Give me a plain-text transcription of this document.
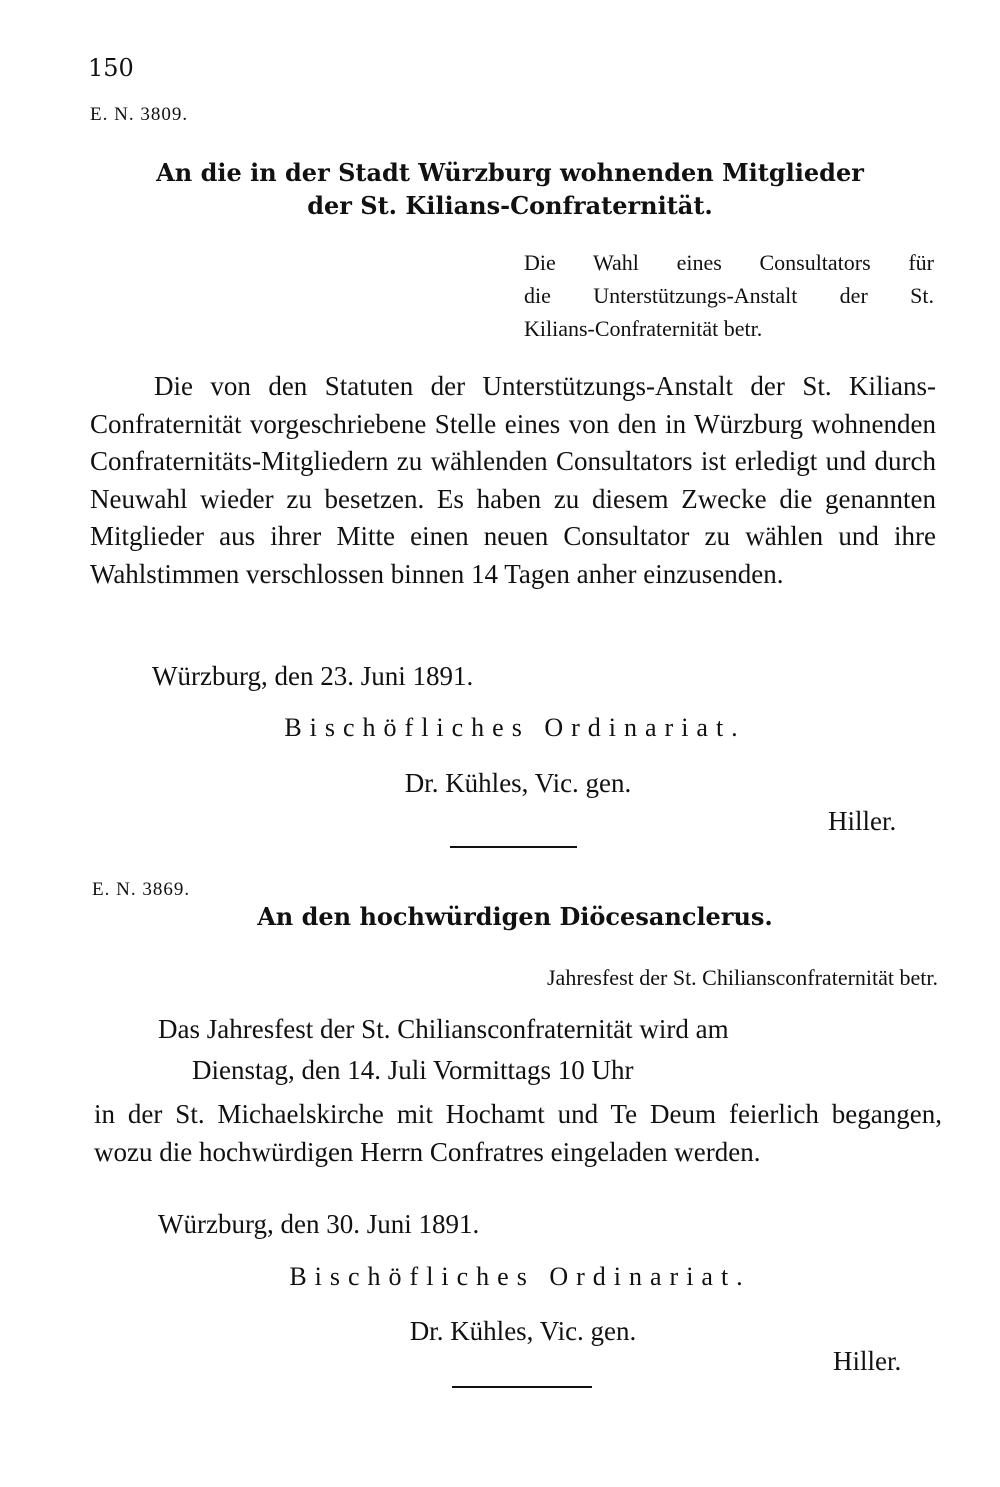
150
E. N. 3809.
An die in der Stadt Würzburg wohnenden Mitglieder
der St. Kilians-Confraternität.
Die Wahl eines Consultators für
die Unterstützungs-Anstalt der St.
Kilians-Confraternität betr.
Die von den Statuten der Unterstützungs-Anstalt der St. Kilians-Confraternität vorgeschriebene Stelle eines von den in Würzburg wohnenden Confraternitäts-Mitgliedern zu wählenden Consultators ist erledigt und durch Neuwahl wieder zu besetzen. Es haben zu diesem Zwecke die genannten Mitglieder aus ihrer Mitte einen neuen Consultator zu wählen und ihre Wahlstimmen verschlossen binnen 14 Tagen anher einzusenden.
Würzburg, den 23. Juni 1891.
Bischöfliches Ordinariat.
Dr. Kühles, Vic. gen.
Hiller.
E. N. 3869.
An den hochwürdigen Diöcesanclerus.
Jahresfest der St. Chiliansconfraternität betr.
Das Jahresfest der St. Chiliansconfraternität wird am
Dienstag, den 14. Juli Vormittags 10 Uhr
in der St. Michaelskirche mit Hochamt und Te Deum feierlich begangen, wozu die hochwürdigen Herrn Confratres eingeladen werden.
Würzburg, den 30. Juni 1891.
Bischöfliches Ordinariat.
Dr. Kühles, Vic. gen.
Hiller.
